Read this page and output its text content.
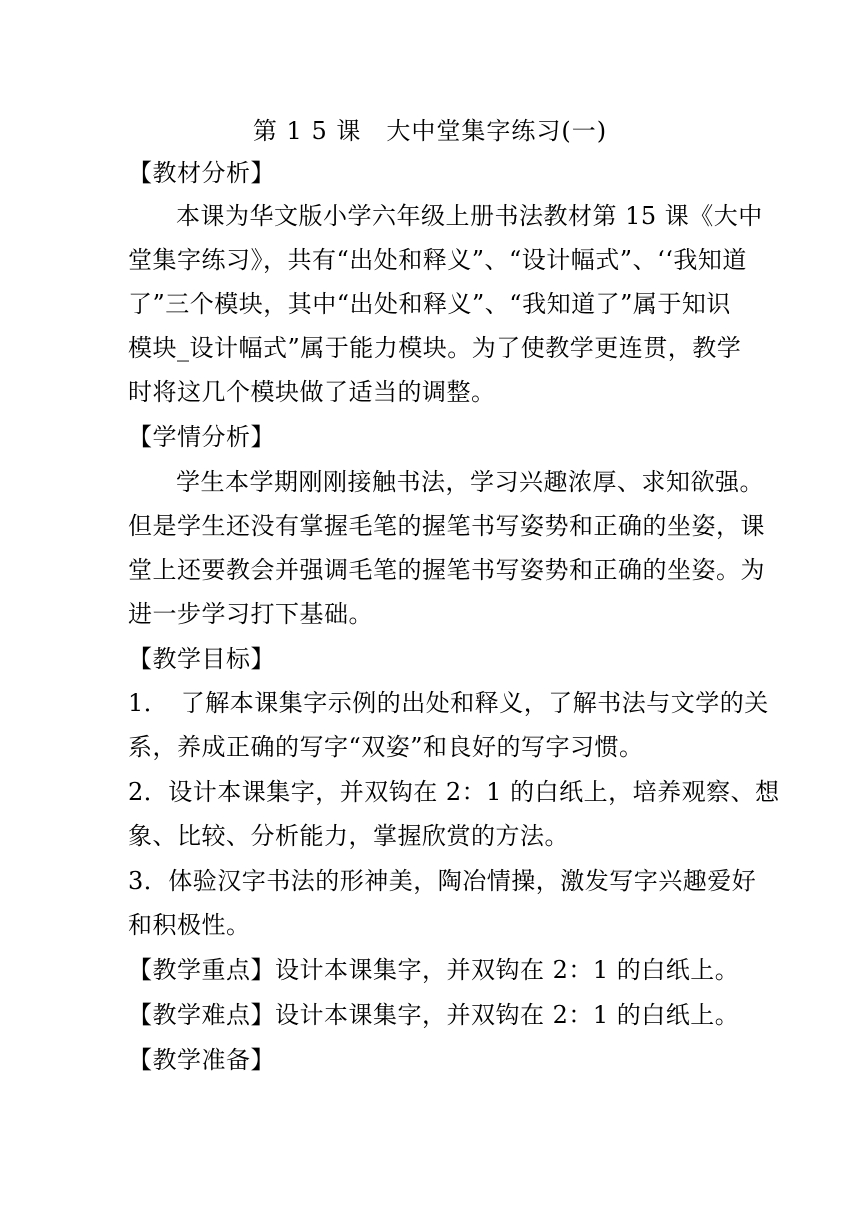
第 1 5 课　大中堂集字练习(一)
【教材分析】
本课为华文版小学六年级上册书法教材第 15 课《大中
堂集字练习》，共有“出处和释义”、“设计幅式”、‘‘我知道
了”三个模块，其中“出处和释义”、“我知道了”属于知识
模块_设计幅式”属于能力模块。为了使教学更连贯，教学
时将这几个模块做了适当的调整。
【学情分析】
学生本学期刚刚接触书法，学习兴趣浓厚、求知欲强。
但是学生还没有掌握毛笔的握笔书写姿势和正确的坐姿，课
堂上还要教会并强调毛笔的握笔书写姿势和正确的坐姿。为
进一步学习打下基础。
【教学目标】
1．　了解本课集字示例的出处和释义，了解书法与文学的关
系，养成正确的写字“双姿”和良好的写字习惯。
2．设计本课集字，并双钩在 2：1 的白纸上，培养观察、想
象、比较、分析能力，掌握欣赏的方法。
3．体验汉字书法的形神美，陶冶情操，激发写字兴趣爱好
和积极性。
【教学重点】设计本课集字，并双钩在 2：1 的白纸上。
【教学难点】设计本课集字，并双钩在 2：1 的白纸上。
【教学准备】
